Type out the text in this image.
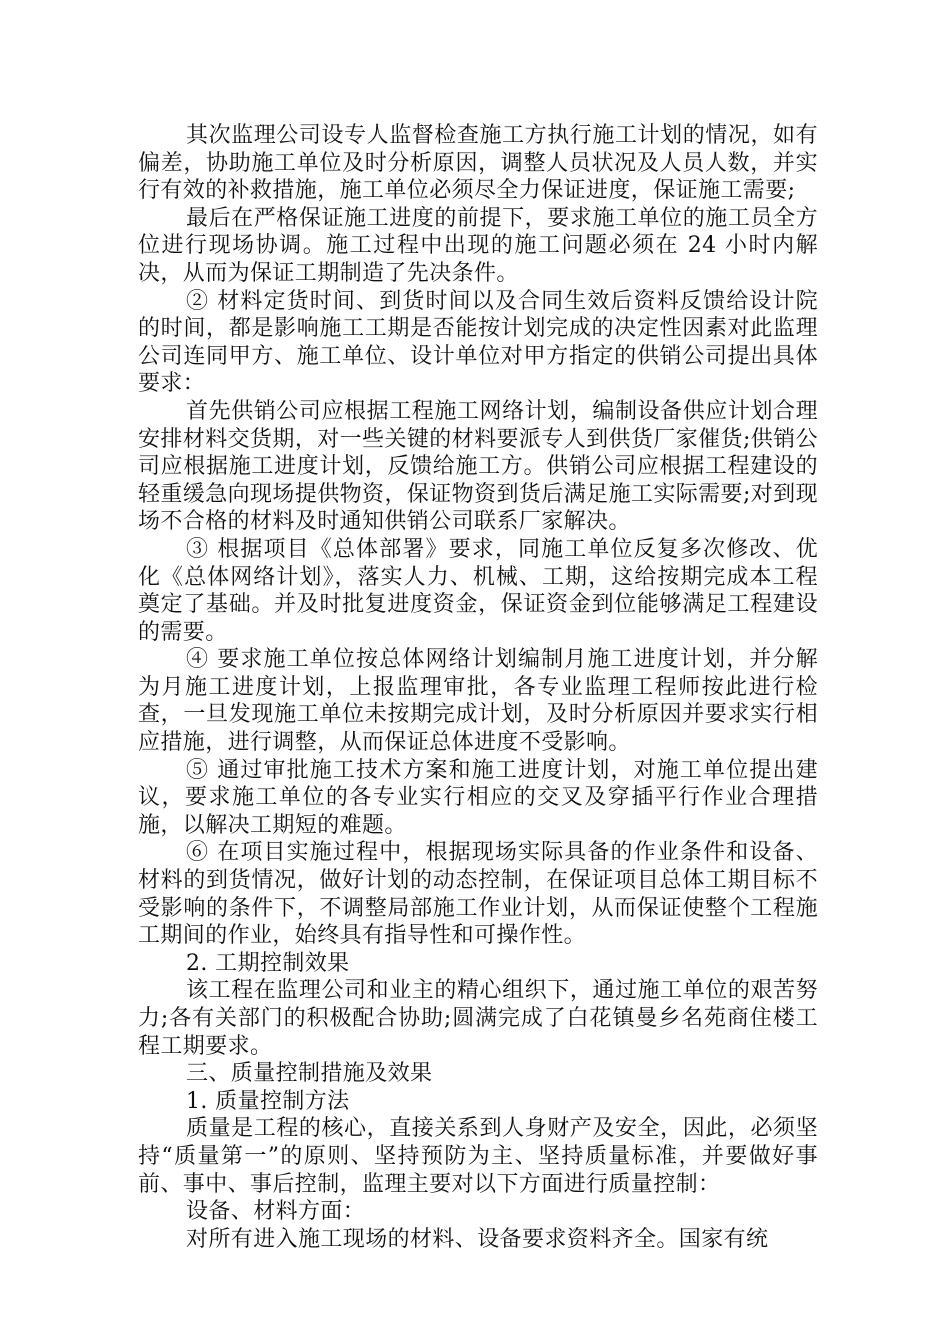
其次监理公司设专人监督检查施工方执行施工计划的情况，如有偏差，协助施工单位及时分析原因，调整人员状况及人员人数，并实行有效的补救措施，施工单位必须尽全力保证进度，保证施工需要;

最后在严格保证施工进度的前提下，要求施工单位的施工员全方位进行现场协调。施工过程中出现的施工问题必须在 24 小时内解决，从而为保证工期制造了先决条件。

② 材料定货时间、到货时间以及合同生效后资料反馈给设计院的时间，都是影响施工工期是否能按计划完成的决定性因素对此监理公司连同甲方、施工单位、设计单位对甲方指定的供销公司提出具体要求：

首先供销公司应根据工程施工网络计划，编制设备供应计划合理安排材料交货期，对一些关键的材料要派专人到供货厂家催货;供销公司应根据施工进度计划，反馈给施工方。供销公司应根据工程建设的轻重缓急向现场提供物资，保证物资到货后满足施工实际需要;对到现场不合格的材料及时通知供销公司联系厂家解决。

③ 根据项目《总体部署》要求，同施工单位反复多次修改、优化《总体网络计划》，落实人力、机械、工期，这给按期完成本工程奠定了基础。并及时批复进度资金，保证资金到位能够满足工程建设的需要。

④ 要求施工单位按总体网络计划编制月施工进度计划，并分解为月施工进度计划，上报监理审批，各专业监理工程师按此进行检查，一旦发现施工单位未按期完成计划，及时分析原因并要求实行相应措施，进行调整，从而保证总体进度不受影响。

⑤ 通过审批施工技术方案和施工进度计划，对施工单位提出建议，要求施工单位的各专业实行相应的交叉及穿插平行作业合理措施，以解决工期短的难题。

⑥ 在项目实施过程中，根据现场实际具备的作业条件和设备、材料的到货情况，做好计划的动态控制，在保证项目总体工期目标不受影响的条件下，不调整局部施工作业计划，从而保证使整个工程施工期间的作业，始终具有指导性和可操作性。

2. 工期控制效果

该工程在监理公司和业主的精心组织下，通过施工单位的艰苦努力;各有关部门的积极配合协助;圆满完成了白花镇曼乡名苑商住楼工程工期要求。

三、质量控制措施及效果

1. 质量控制方法

质量是工程的核心，直接关系到人身财产及安全，因此，必须坚持“质量第一”的原则、坚持预防为主、坚持质量标准，并要做好事前、事中、事后控制，监理主要对以下方面进行质量控制：

设备、材料方面：

对所有进入施工现场的材料、设备要求资料齐全。国家有统
